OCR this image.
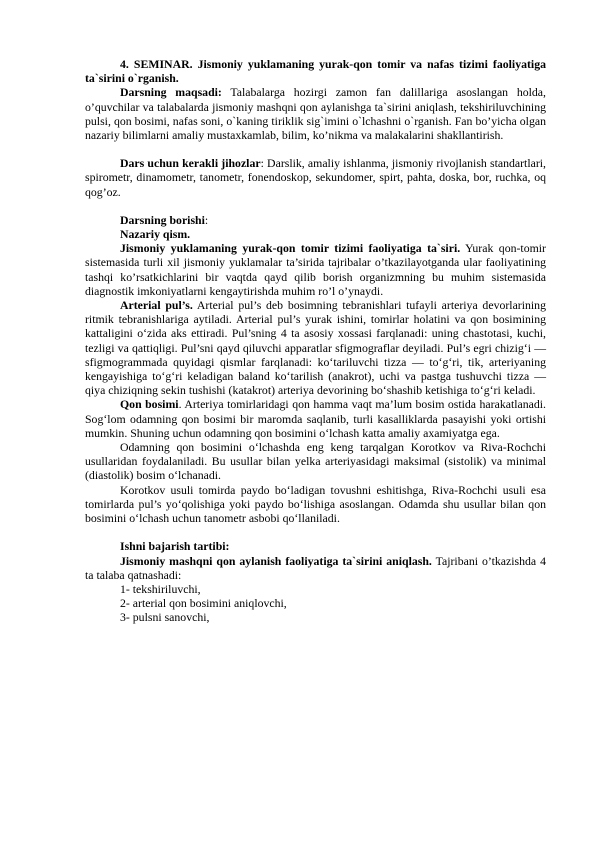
4. SEMINAR. Jismoniy yuklamaning yurak-qon tomir va nafas tizimi faoliyatiga ta`sirini o`rganish.

Darsning maqsadi: Talabalarga hozirgi zamon fan dalillariga asoslangan holda, o’quvchilar va talabalarda jismoniy mashqni qon aylanishga ta`sirini aniqlash, tekshiriluvchining pulsi, qon bosimi, nafas soni, o`kaning tiriklik sig`imini o`lchashni o`rganish. Fan bo’yicha olgan nazariy bilimlarni amaliy mustaxkamlab, bilim, ko’nikma va malakalarini shakllantirish.

Dars uchun kerakli jihozlar: Darslik, amaliy ishlanma, jismoniy rivojlanish standartlari, spirometr, dinamometr, tanometr, fonendoskop, sekundomer, spirt, pahta, doska, bor, ruchka, oq qog’oz.

Darsning borishi:

Nazariy qism.

Jismoniy yuklamaning yurak-qon tomir tizimi faoliyatiga ta`siri. Yurak qon-tomir sistemasida turli xil jismoniy yuklamalar ta’sirida tajribalar o’tkazilayotganda ular faoliyatining tashqi ko’rsatkichlarini bir vaqtda qayd qilib borish organizmning bu muhim sistemasida diagnostik imkoniyatlarni kengaytirishda muhim ro’l o’ynaydi.

Arterial pul’s. Arterial pul’s deb bosimning tebranishlari tufayli arteriya devorlarining ritmik tebranishlariga aytiladi. Arterial pul’s yurak ishini, tomirlar holatini va qon bosimining kattaligini o‘zida aks ettiradi. Pul’sning 4 ta asosiy xossasi farqlanadi: uning chastotasi, kuchi, tezligi va qattiqligi. Pul’sni qayd qiluvchi apparatlar sfigmograflar deyiladi. Pul’s egri chizig‘i — sfigmogrammada quyidagi qismlar farqlanadi: ko‘tariluvchi tizza — to‘g‘ri, tik, arteriyaning kengayishiga to‘g‘ri keladigan baland ko‘tarilish (anakrot), uchi va pastga tushuvchi tizza — qiya chiziqning sekin tushishi (katakrot) arteriya devorining bo‘shashib ketishiga to‘g‘ri keladi.

Qon bosimi. Arteriya tomirlaridagi qon hamma vaqt ma’lum bosim ostida harakatlanadi. Sog‘lom odamning qon bosimi bir maromda saqlanib, turli kasalliklarda pasayishi yoki ortishi mumkin. Shuning uchun odamning qon bosimini o‘lchash katta amaliy axamiyatga ega.

Odamning qon bosimini o‘lchashda eng keng tarqalgan Korotkov va Riva-Rochchi usullaridan foydalaniladi. Bu usullar bilan yelka arteriyasidagi maksimal (sistolik) va minimal (diastolik) bosim o‘lchanadi.

Korotkov usuli tomirda paydo bo‘ladigan tovushni eshitishga, Riva-Rochchi usuli esa tomirlarda pul’s yo‘qolishiga yoki paydo bo‘lishiga asoslangan. Odamda shu usullar bilan qon bosimini o‘lchash uchun tanometr asbobi qo‘llaniladi.

Ishni bajarish tartibi:

Jismoniy mashqni qon aylanish faoliyatiga ta`sirini aniqlash. Tajribani o’tkazishda 4 ta talaba qatnashadi:

1- tekshiriluvchi,

2- arterial qon bosimini aniqlovchi,

3- pulsni sanovchi,
